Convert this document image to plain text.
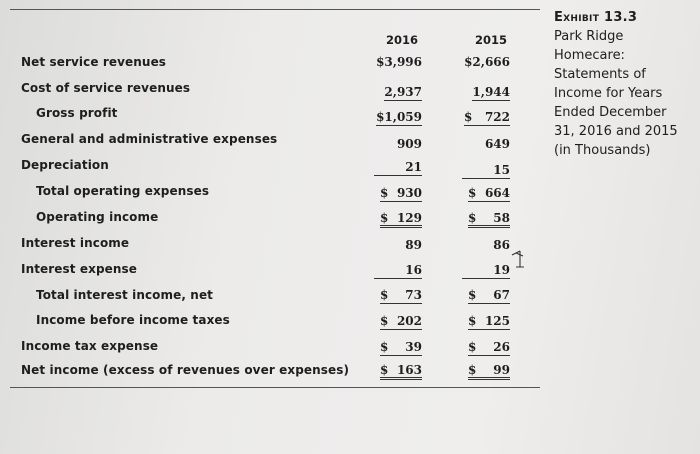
2016	2015
Net service revenues	$3,996	$2,666
Cost of service revenues	2,937	1,944
Gross profit	$1,059	$ 722
General and administrative expenses	909	649
Depreciation	21	15
Total operating expenses	$ 930	$ 664
Operating income	$ 129	$ 58
Interest income	89	86
Interest expense	16	19
Total interest income, net	$ 73	$ 67
Income before income taxes	$ 202	$ 125
Income tax expense	$ 39	$ 26
Net income (excess of revenues over expenses)	$ 163	$ 99
Exhibit 13.3
Park Ridge
Homecare:
Statements of
Income for Years
Ended December
31, 2016 and 2015
(in Thousands)
